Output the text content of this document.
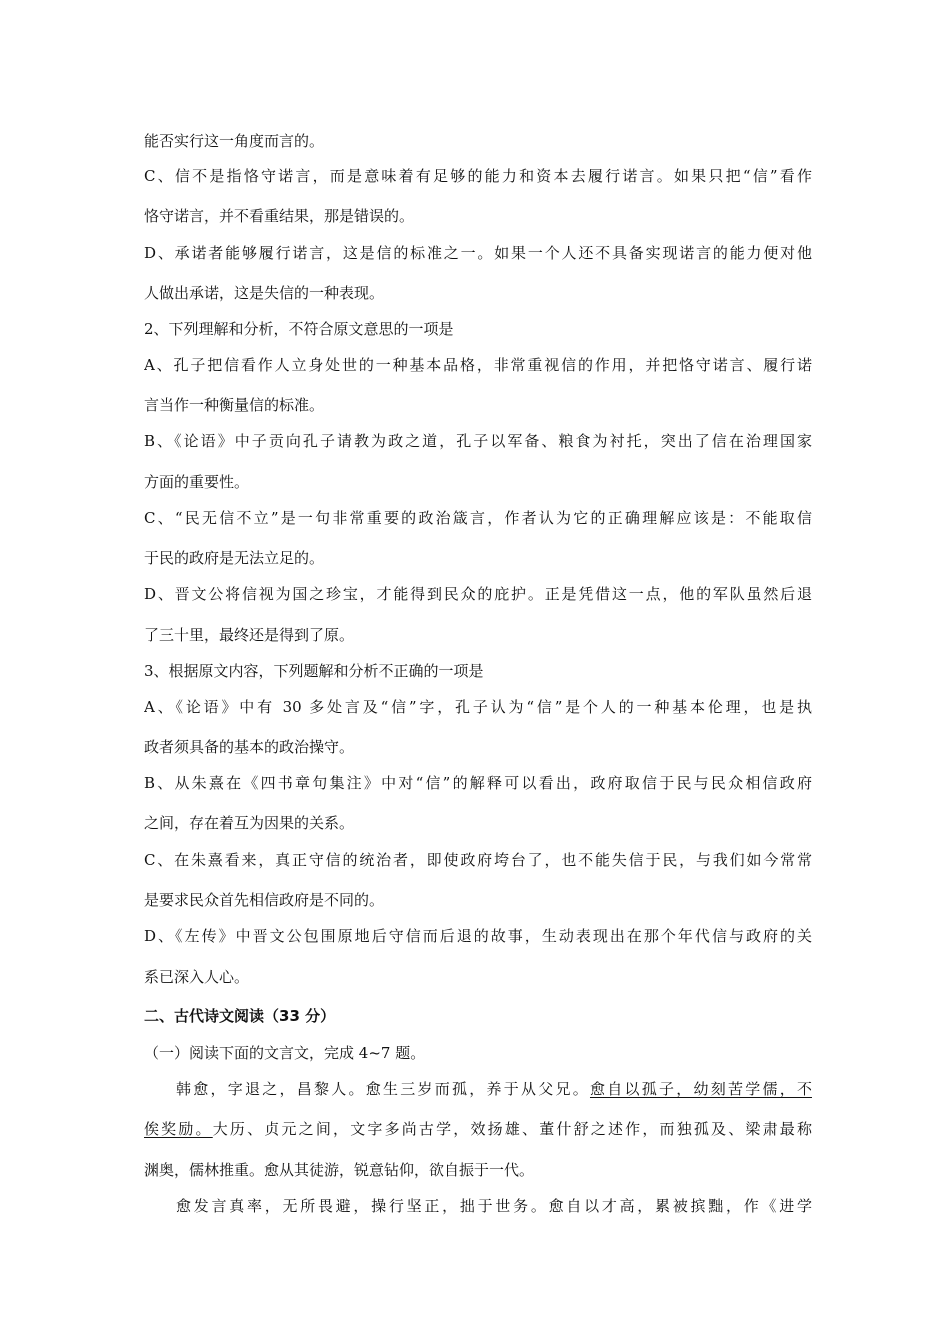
能否实行这一角度而言的。
C、信不是指恪守诺言，而是意味着有足够的能力和资本去履行诺言。如果只把“信”看作
恪守诺言，并不看重结果，那是错误的。
D、承诺者能够履行诺言，这是信的标准之一。如果一个人还不具备实现诺言的能力便对他
人做出承诺，这是失信的一种表现。
2、下列理解和分析，不符合原文意思的一项是
A、孔子把信看作人立身处世的一种基本品格，非常重视信的作用，并把恪守诺言、履行诺
言当作一种衡量信的标准。
B、《论语》中子贡向孔子请教为政之道，孔子以军备、粮食为衬托，突出了信在治理国家
方面的重要性。
C、“民无信不立”是一句非常重要的政治箴言，作者认为它的正确理解应该是：不能取信
于民的政府是无法立足的。
D、晋文公将信视为国之珍宝，才能得到民众的庇护。正是凭借这一点，他的军队虽然后退
了三十里，最终还是得到了原。
3、根据原文内容，下列题解和分析不正确的一项是
A、《论语》中有 30 多处言及“信”字，孔子认为“信”是个人的一种基本伦理，也是执
政者须具备的基本的政治操守。
B、从朱熹在《四书章句集注》中对“信”的解释可以看出，政府取信于民与民众相信政府
之间，存在着互为因果的关系。
C、在朱熹看来，真正守信的统治者，即使政府垮台了，也不能失信于民，与我们如今常常
是要求民众首先相信政府是不同的。
D、《左传》中晋文公包围原地后守信而后退的故事，生动表现出在那个年代信与政府的关
系已深入人心。
二、古代诗文阅读（33 分）
（一）阅读下面的文言文，完成 4~7 题。
韩愈，字退之，昌黎人。愈生三岁而孤，养于从父兄。愈自以孤子，幼刻苦学儒，不
俟奖励。大历、贞元之间，文字多尚古学，效扬雄、董什舒之述作，而独孤及、梁肃最称
渊奥，儒林推重。愈从其徒游，锐意钻仰，欲自振于一代。
愈发言真率，无所畏避，操行坚正，拙于世务。愈自以才高，累被摈黜，作《进学
